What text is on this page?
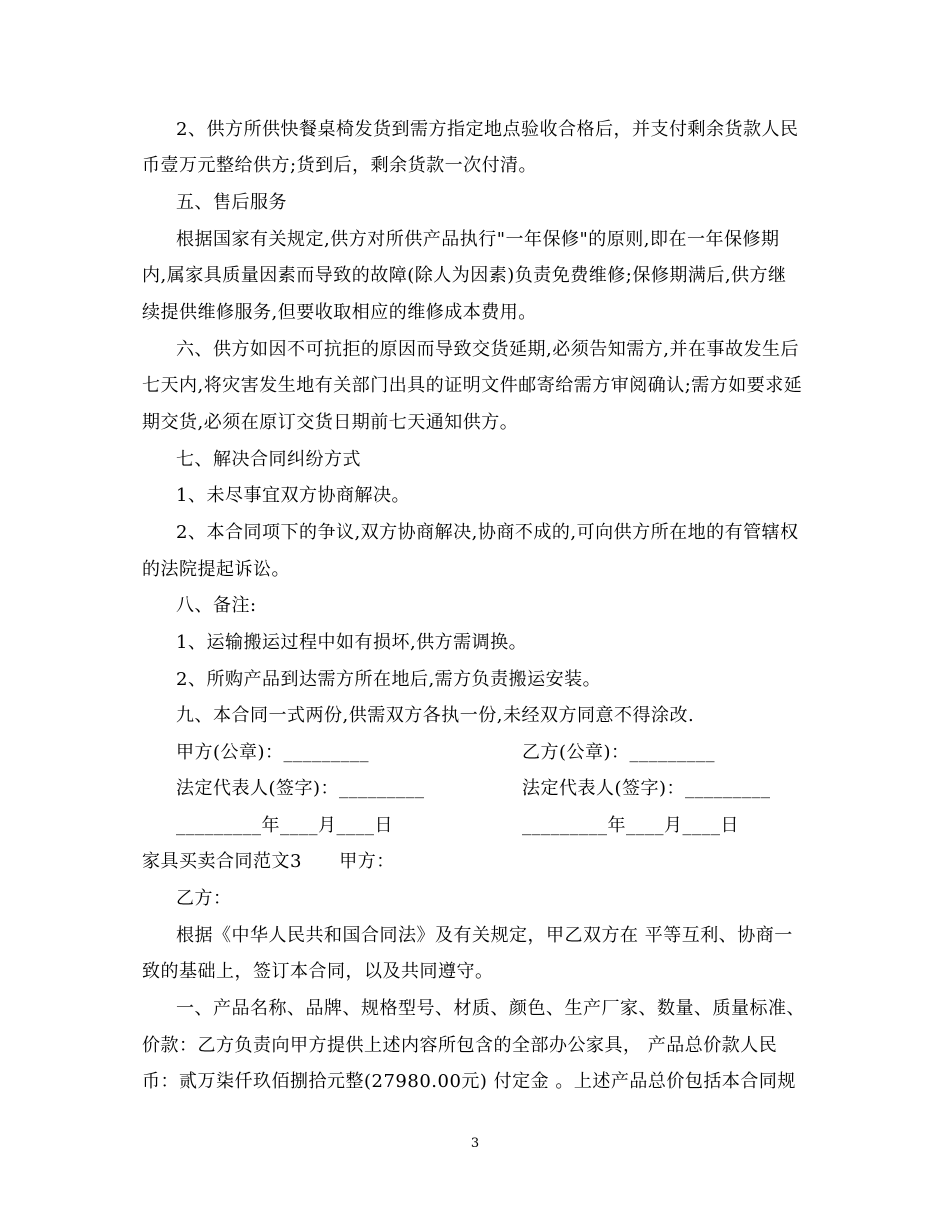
2、供方所供快餐桌椅发货到需方指定地点验收合格后，并支付剩余货款人民
币壹万元整给供方;货到后，剩余货款一次付清。
五、售后服务
根据国家有关规定,供方对所供产品执行"一年保修"的原则,即在一年保修期
内,属家具质量因素而导致的故障(除人为因素)负责免费维修;保修期满后,供方继
续提供维修服务,但要收取相应的维修成本费用。
六、供方如因不可抗拒的原因而导致交货延期,必须告知需方,并在事故发生后
七天内,将灾害发生地有关部门出具的证明文件邮寄给需方审阅确认;需方如要求延
期交货,必须在原订交货日期前七天通知供方。
七、解决合同纠纷方式
1、未尽事宜双方协商解决。
2、本合同项下的争议,双方协商解决,协商不成的,可向供方所在地的有管辖权
的法院提起诉讼。
八、备注:
1、运输搬运过程中如有损坏,供方需调换。
2、所购产品到达需方所在地后,需方负责搬运安装。
九、本合同一式两份,供需双方各执一份,未经双方同意不得涂改.
甲方(公章)：_________	乙方(公章)：_________
法定代表人(签字)：_________	法定代表人(签字)：_________
_________年____月____日	_________年____月____日
家具买卖合同范文3      甲方：
乙方：
根据《中华人民共和国合同法》及有关规定，甲乙双方在 平等互利、协商一
致的基础上，签订本合同，以及共同遵守。
一、产品名称、品牌、规格型号、材质、颜色、生产厂家、数量、质量标准、
价款：乙方负责向甲方提供上述内容所包含的全部办公家具， 产品总价款人民
币：贰万柒仟玖佰捌拾元整(27980.00元) 付定金 。上述产品总价包括本合同规
3
